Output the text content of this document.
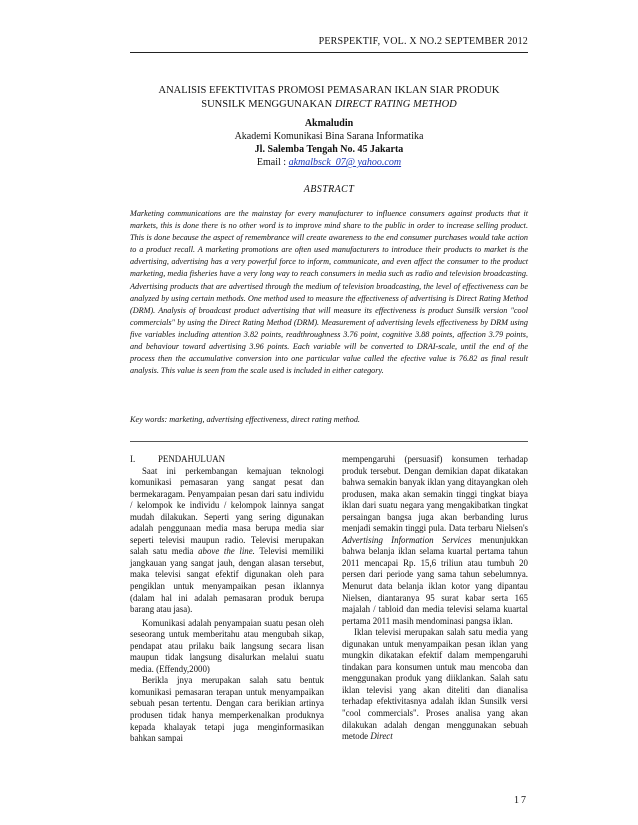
PERSPEKTIF, VOL. X NO.2 SEPTEMBER 2012
ANALISIS EFEKTIVITAS PROMOSI PEMASARAN IKLAN SIAR PRODUK
SUNSILK MENGGUNAKAN DIRECT RATING METHOD
Akmaludin
Akademi Komunikasi Bina Sarana Informatika
Jl. Salemba Tengah No. 45 Jakarta
Email : akmalbsck_07@ yahoo.com
ABSTRACT
Marketing communications are the mainstay for every manufacturer to influence consumers against products that it markets, this is done there is no other word is to improve mind share to the public in order to increase selling product. This is done because the aspect of remembrance will create awareness to the end consumer purchases would take action to a product recall. A marketing promotions are often used manufacturers to introduce their products to market is the advertising, advertising has a very powerful force to inform, communicate, and even affect the consumer to the product marketing, media fisheries have a very long way to reach consumers in media such as radio and television broadcasting. Advertising products that are advertised through the medium of television broadcasting, the level of effectiveness can be analyzed by using certain methods. One method used to measure the effectiveness of advertising is Direct Rating Method (DRM). Analysis of broadcast product advertising that will measure its effectiveness is product Sunsilk version "cool commercials" by using the Direct Rating Method (DRM). Measurement of advertising levels effectiveness by DRM using five variables including attention 3.82 points, readthroughness 3.76 point, cognitive 3.88 points, affection 3.79 points, and behaviour toward advertising 3.96 points. Each variable will be converted to DRAI-scale, until the end of the process then the accumulative conversion into one particular value called the efective value is 76.82 as final result analysis. This value is seen from the scale used is included in either category.
Key words: marketing, advertising effectiveness, direct rating method.

I.	PENDAHULUAN

Saat ini perkembangan kemajuan teknologi komunikasi pemasaran yang sangat pesat dan bermekaragam. Penyampaian pesan dari satu individu / kelompok ke individu / kelompok lainnya sangat mudah dilakukan. Seperti yang sering digunakan adalah penggunaan media masa berupa media siar seperti televisi maupun radio. Televisi merupakan salah satu media above the line. Televisi memiliki jangkauan yang sangat jauh, dengan alasan tersebut, maka televisi sangat efektif digunakan oleh para pengiklan untuk menyampaikan pesan iklannya (dalam hal ini adalah pemasaran produk berupa barang atau jasa).

Komunikasi adalah penyampaian suatu pesan oleh seseorang untuk memberitahu atau mengubah sikap, pendapat atau prilaku baik langsung secara lisan maupun tidak langsung disalurkan melalui suatu media. (Effendy,2000)

Berikla jnya merupakan salah satu bentuk komunikasi pemasaran terapan untuk menyampaikan sebuah pesan tertentu. Dengan cara berikian artinya produsen tidak hanya memperkenalkan produknya kepada khalayak tetapi juga menginformasikan bahkan sampai

mempengaruhi (persuasif) konsumen terhadap produk tersebut. Dengan demikian dapat dikatakan bahwa semakin banyak iklan yang ditayangkan oleh produsen, maka akan semakin tinggi tingkat biaya iklan dari suatu negara yang mengakibatkan tingkat persaingan bangsa juga akan berbanding lurus menjadi semakin tinggi pula. Data terbaru Nielsen's Advertising Information Services menunjukkan bahwa belanja iklan selama kuartal pertama tahun 2011 mencapai Rp. 15,6 triliun atau tumbuh 20 persen dari periode yang sama tahun sebelumnya. Menurut data belanja iklan kotor yang dipantau Nielsen, diantaranya 95 surat kabar serta 165 majalah / tabloid dan media televisi selama kuartal pertama 2011 masih mendominasi pangsa iklan.

Iklan televisi merupakan salah satu media yang digunakan untuk menyampaikan pesan iklan yang mungkin dikatakan efektif dalam mempengaruhi tindakan para konsumen untuk mau mencoba dan menggunakan produk yang diiklankan. Salah satu iklan televisi yang akan diteliti dan dianalisa terhadap efektivitasnya adalah iklan Sunsilk versi "cool commercials". Proses analisa yang akan dilakukan adalah dengan menggunakan sebuah metode Direct

17
